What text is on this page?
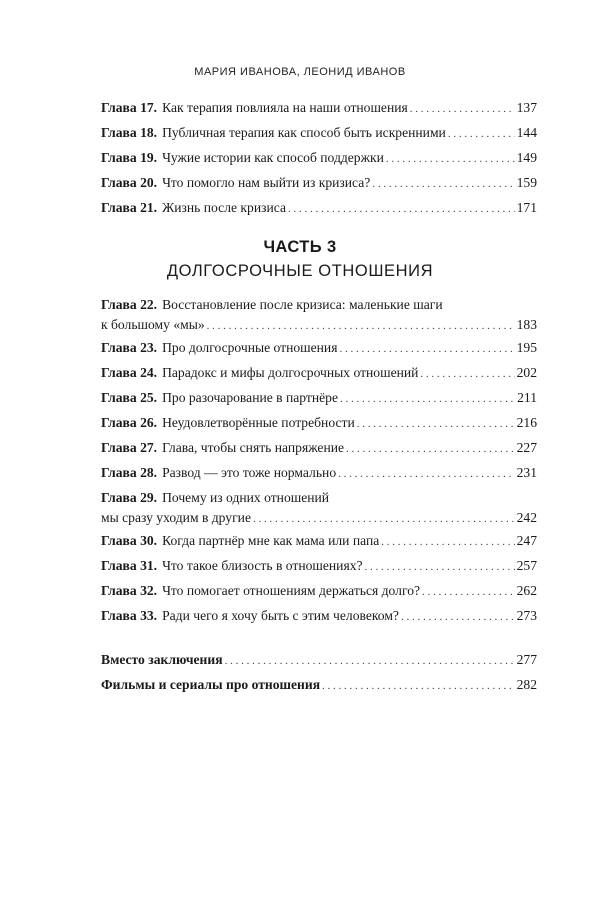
МАРИЯ ИВАНОВА, ЛЕОНИД ИВАНОВ
Глава 17. Как терапия повлияла на наши отношения . . .	137
Глава 18. Публичная терапия как способ быть искренними . . .	144
Глава 19. Чужие истории как способ поддержки . . .	149
Глава 20. Что помогло нам выйти из кризиса? . . .	159
Глава 21. Жизнь после кризиса . . .	171
ЧАСТЬ 3
ДОЛГОСРОЧНЫЕ ОТНОШЕНИЯ
Глава 22. Восстановление после кризиса: маленькие шаги
к большому «мы» . . .	183
Глава 23. Про долгосрочные отношения . . .	195
Глава 24. Парадокс и мифы долгосрочных отношений . . .	202
Глава 25. Про разочарование в партнёре . . .	211
Глава 26. Неудовлетворённые потребности . . .	216
Глава 27. Глава, чтобы снять напряжение . . .	227
Глава 28. Развод — это тоже нормально . . .	231
Глава 29. Почему из одних отношений
мы сразу уходим в другие . . .	242
Глава 30. Когда партнёр мне как мама или папа . . .	247
Глава 31. Что такое близость в отношениях? . . .	257
Глава 32. Что помогает отношениям держаться долго? . . .	262
Глава 33. Ради чего я хочу быть с этим человеком? . . .	273
Вместо заключения . . .	277
Фильмы и сериалы про отношения . . .	282
